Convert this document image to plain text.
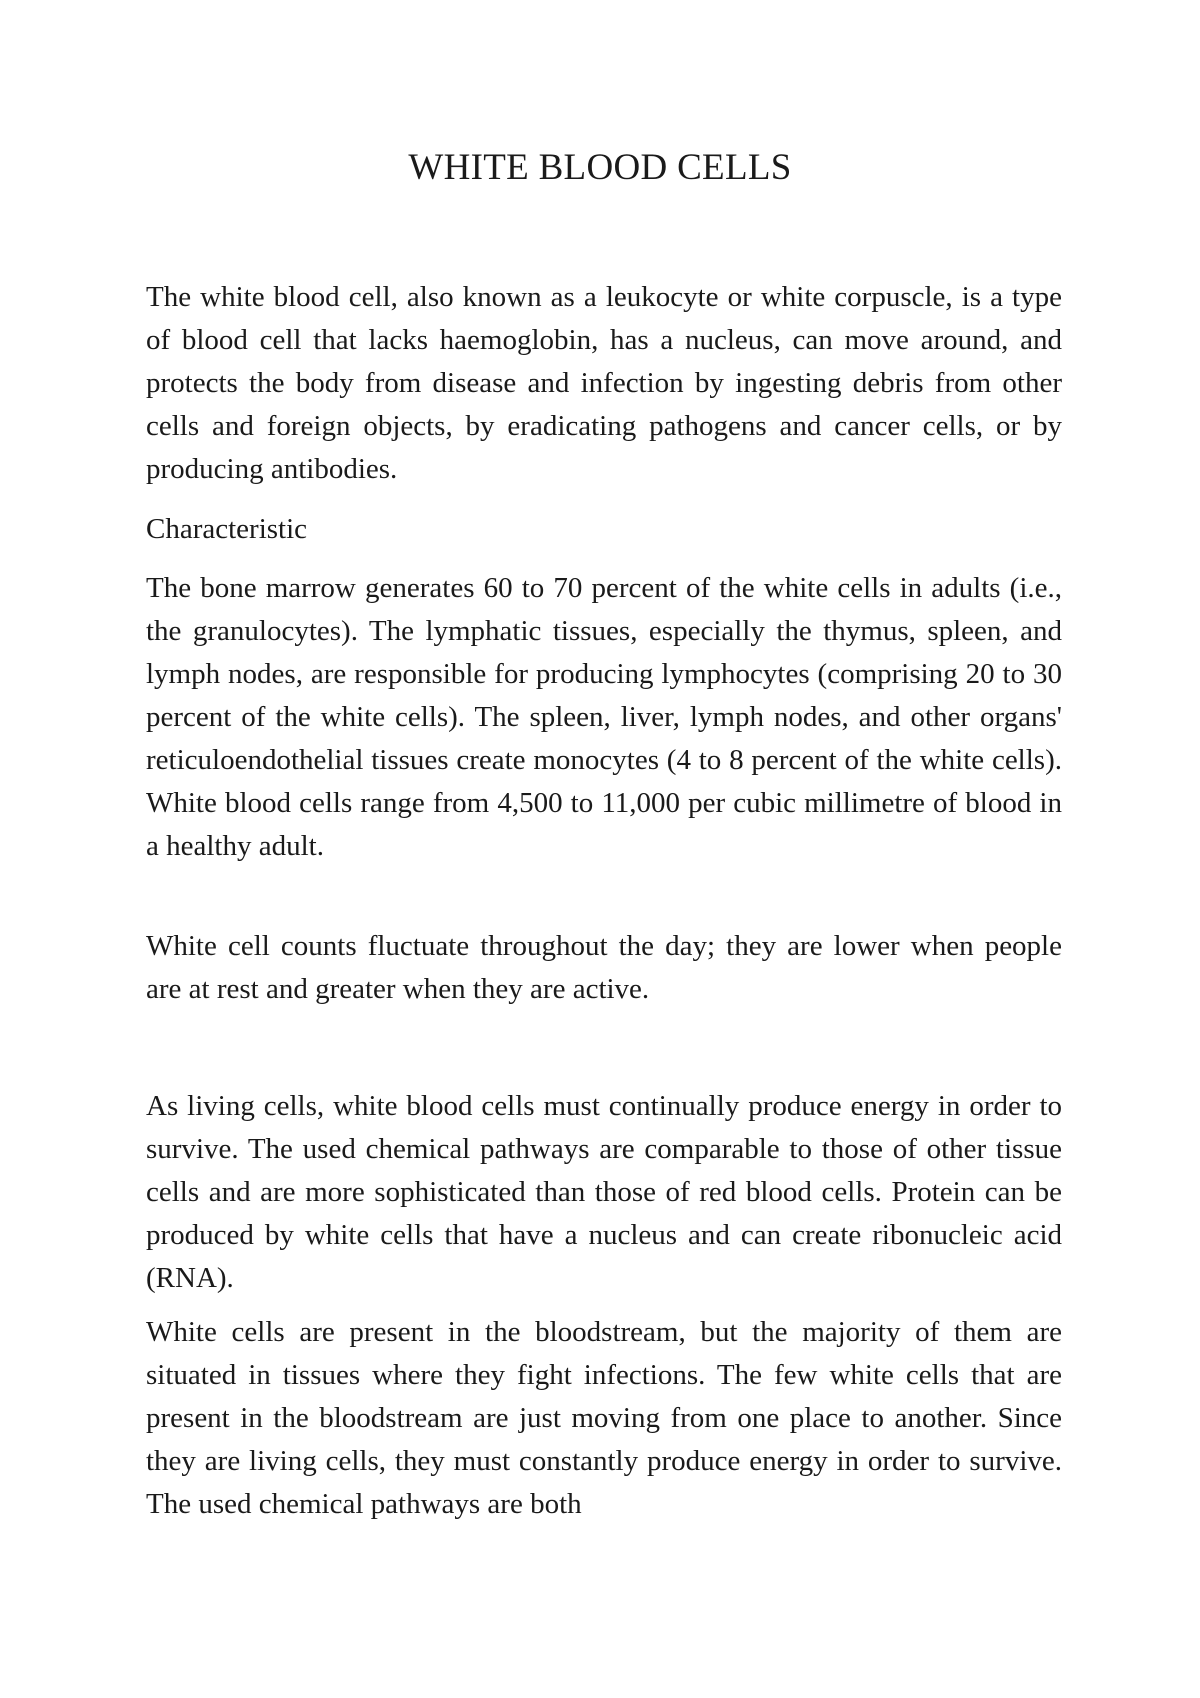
WHITE BLOOD CELLS

The white blood cell, also known as a leukocyte or white corpuscle, is a type of blood cell that lacks haemoglobin, has a nucleus, can move around, and protects the body from disease and infection by ingesting debris from other cells and foreign objects, by eradicating pathogens and cancer cells, or by producing antibodies.

Characteristic

The bone marrow generates 60 to 70 percent of the white cells in adults (i.e., the granulocytes). The lymphatic tissues, especially the thymus, spleen, and lymph nodes, are responsible for producing lymphocytes (comprising 20 to 30 percent of the white cells). The spleen, liver, lymph nodes, and other organs' reticuloendothelial tissues create monocytes (4 to 8 percent of the white cells). White blood cells range from 4,500 to 11,000 per cubic millimetre of blood in a healthy adult.

White cell counts fluctuate throughout the day; they are lower when people are at rest and greater when they are active.

As living cells, white blood cells must continually produce energy in order to survive. The used chemical pathways are comparable to those of other tissue cells and are more sophisticated than those of red blood cells. Protein can be produced by white cells that have a nucleus and can create ribonucleic acid (RNA).

White cells are present in the bloodstream, but the majority of them are situated in tissues where they fight infections. The few white cells that are present in the bloodstream are just moving from one place to another. Since they are living cells, they must constantly produce energy in order to survive. The used chemical pathways are both
